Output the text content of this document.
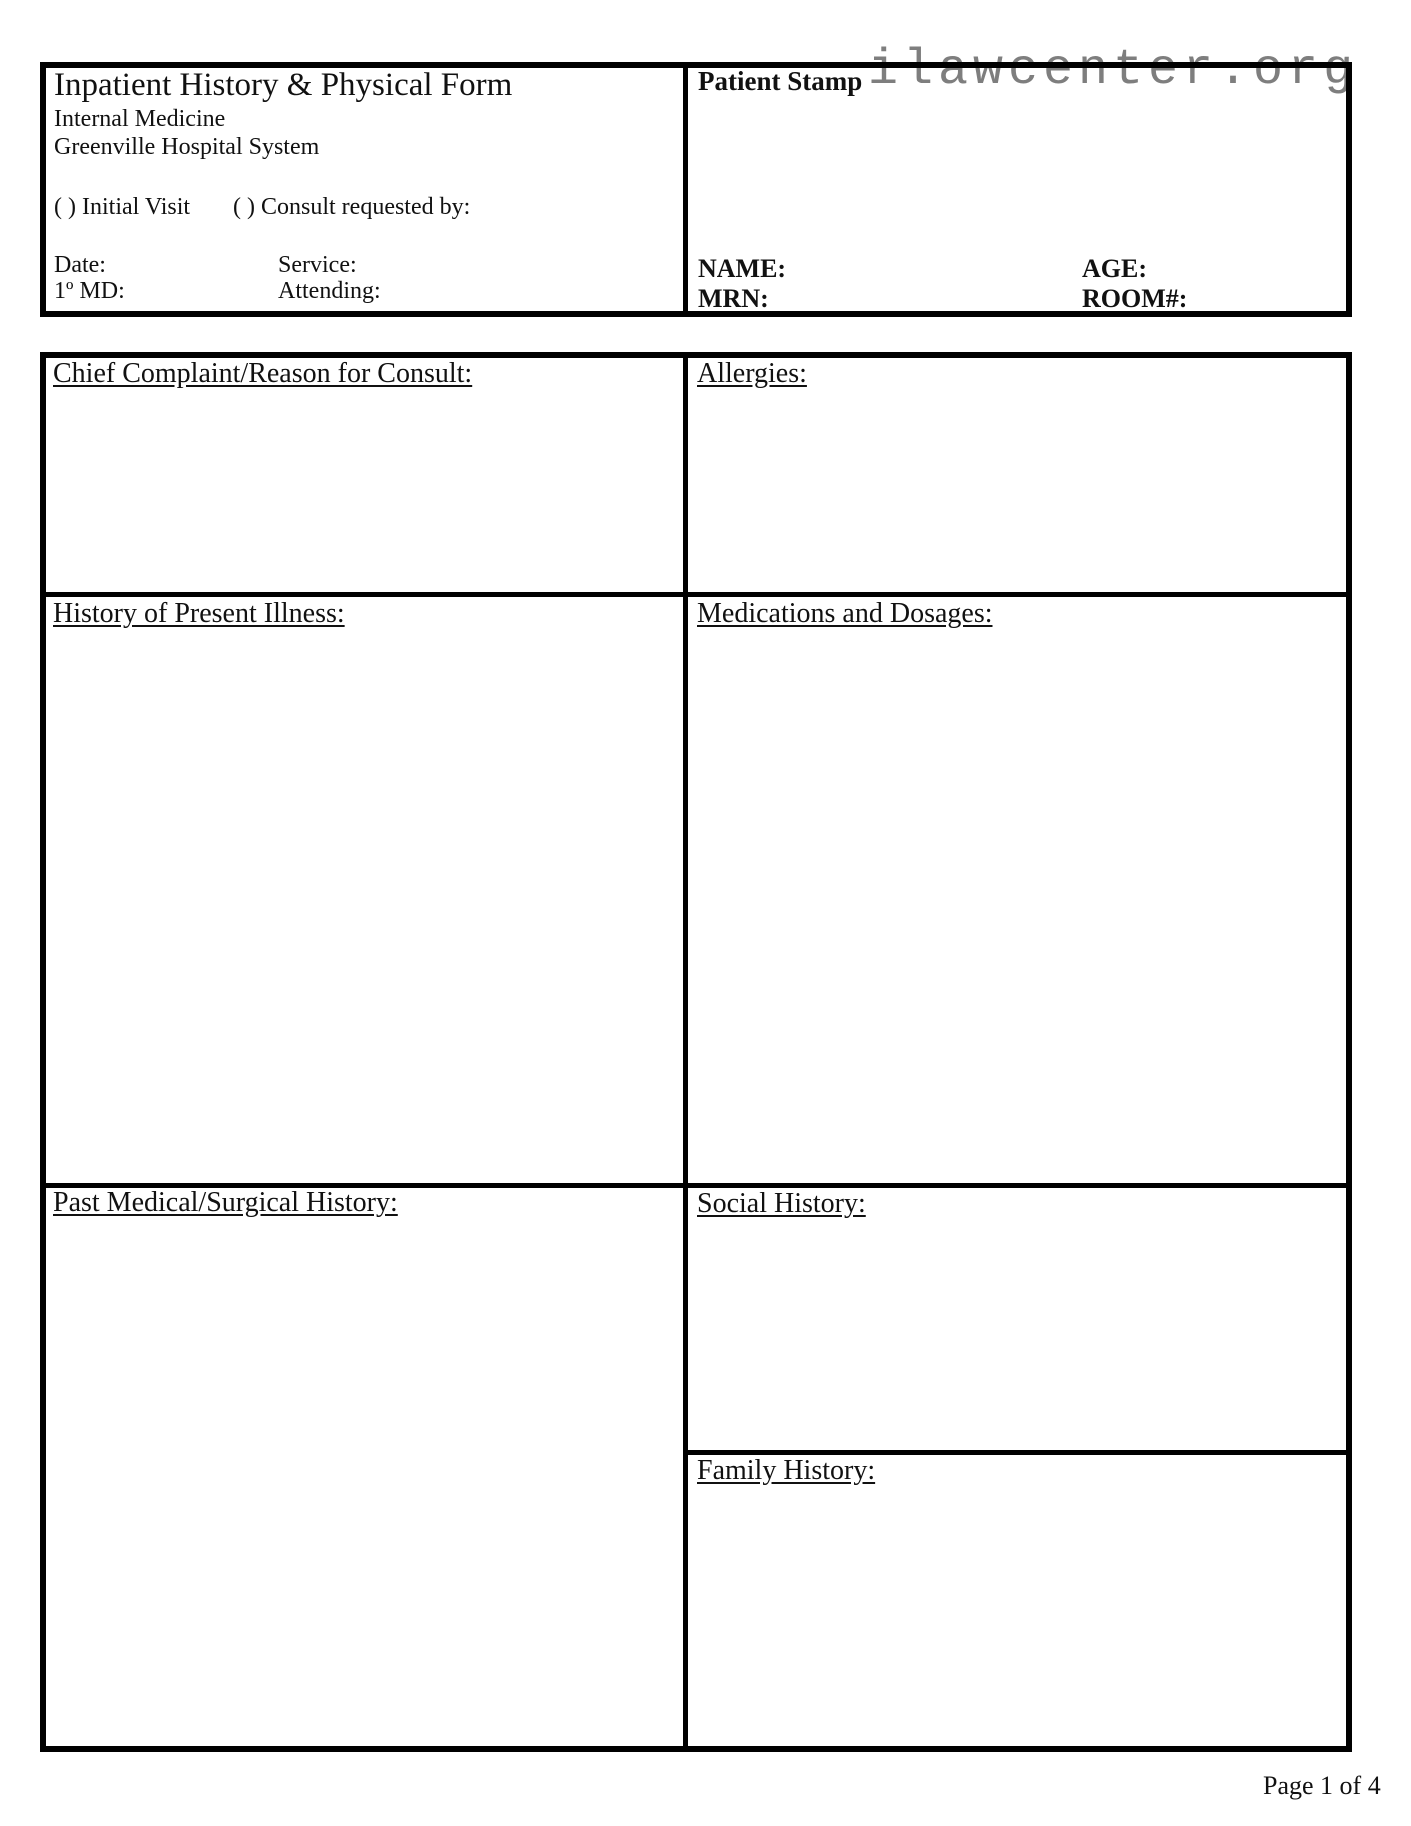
ilawcenter.org
Inpatient History & Physical Form
Internal Medicine
Greenville Hospital System
( ) Initial Visit ( ) Consult requested by:
Date:	Service:
1º MD:	Attending:
Patient Stamp
NAME:	AGE:
MRN:	ROOM#:
Chief Complaint/Reason for Consult:	Allergies:
History of Present Illness:	Medications and Dosages:
Past Medical/Surgical History:	Social History:
Family History:
Page 1 of 4
